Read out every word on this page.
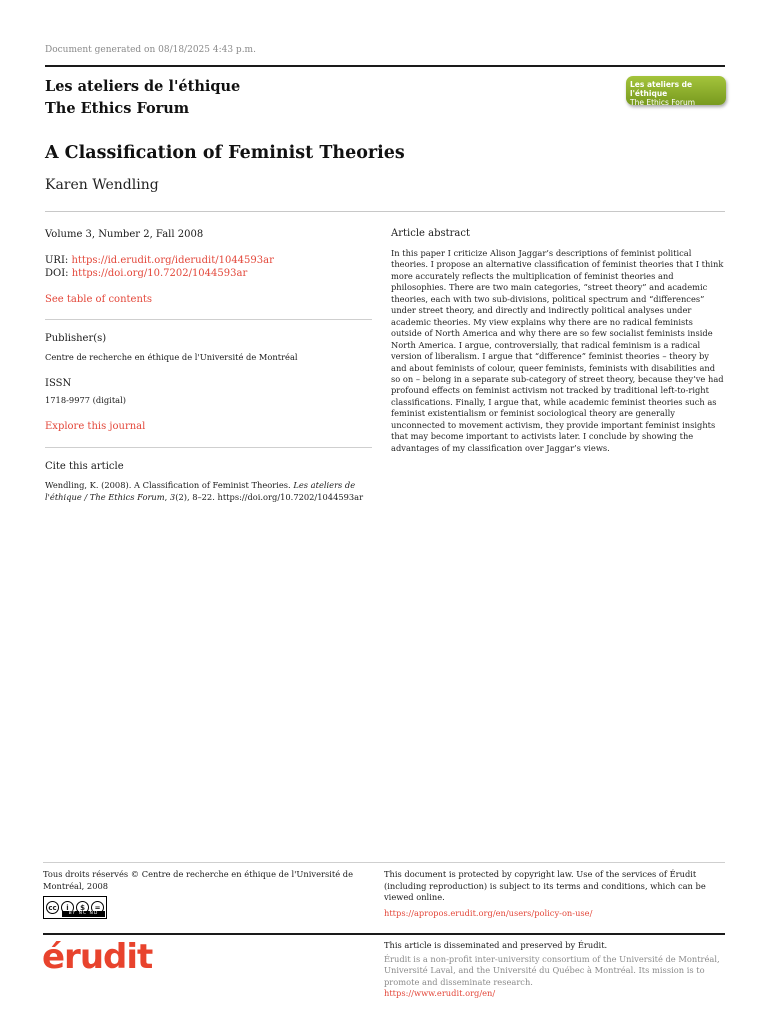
Document generated on 08/18/2025 4:43 p.m.
Les ateliers de l'éthique
The Ethics Forum
Les ateliers de l'éthique
The Ethics Forum
A Classification of Feminist Theories
Karen Wendling
Volume 3, Number 2, Fall 2008
URI: https://id.erudit.org/iderudit/1044593ar
DOI: https://doi.org/10.7202/1044593ar
See table of contents
Publisher(s)
Centre de recherche en éthique de l'Université de Montréal
ISSN
1718-9977 (digital)
Explore this journal
Cite this article
Wendling, K. (2008). A Classification of Feminist Theories. Les ateliers de l'éthique / The Ethics Forum, 3(2), 8–22. https://doi.org/10.7202/1044593ar
Article abstract
In this paper I criticize Alison Jaggar’s descriptions of feminist political theories. I propose an alternative classification of feminist theories that I think more accurately reflects the multiplication of feminist theories and philosophies. There are two main categories, “street theory” and academic theories, each with two sub-divisions, political spectrum and “differences” under street theory, and directly and indirectly political analyses under academic theories. My view explains why there are no radical feminists outside of North America and why there are so few socialist feminists inside North America. I argue, controversially, that radical feminism is a radical version of liberalism. I argue that “difference” feminist theories – theory by and about feminists of colour, queer feminists, feminists with disabilities and so on – belong in a separate sub-category of street theory, because they’ve had profound effects on feminist activism not tracked by traditional left-to-right classifications. Finally, I argue that, while academic feminist theories such as feminist existentialism or feminist sociological theory are generally unconnected to movement activism, they provide important feminist insights that may become important to activists later. I conclude by showing the advantages of my classification over Jaggar’s views.
Tous droits réservés © Centre de recherche en éthique de l'Université de Montréal, 2008
cc	i	$	=
BY NC ND
This document is protected by copyright law. Use of the services of Érudit (including reproduction) is subject to its terms and conditions, which can be viewed online.
https://apropos.erudit.org/en/users/policy-on-use/
érudit	This article is disseminated and preserved by Érudit.
Érudit is a non-profit inter-university consortium of the Université de Montréal, Université Laval, and the Université du Québec à Montréal. Its mission is to promote and disseminate research.
https://www.erudit.org/en/
